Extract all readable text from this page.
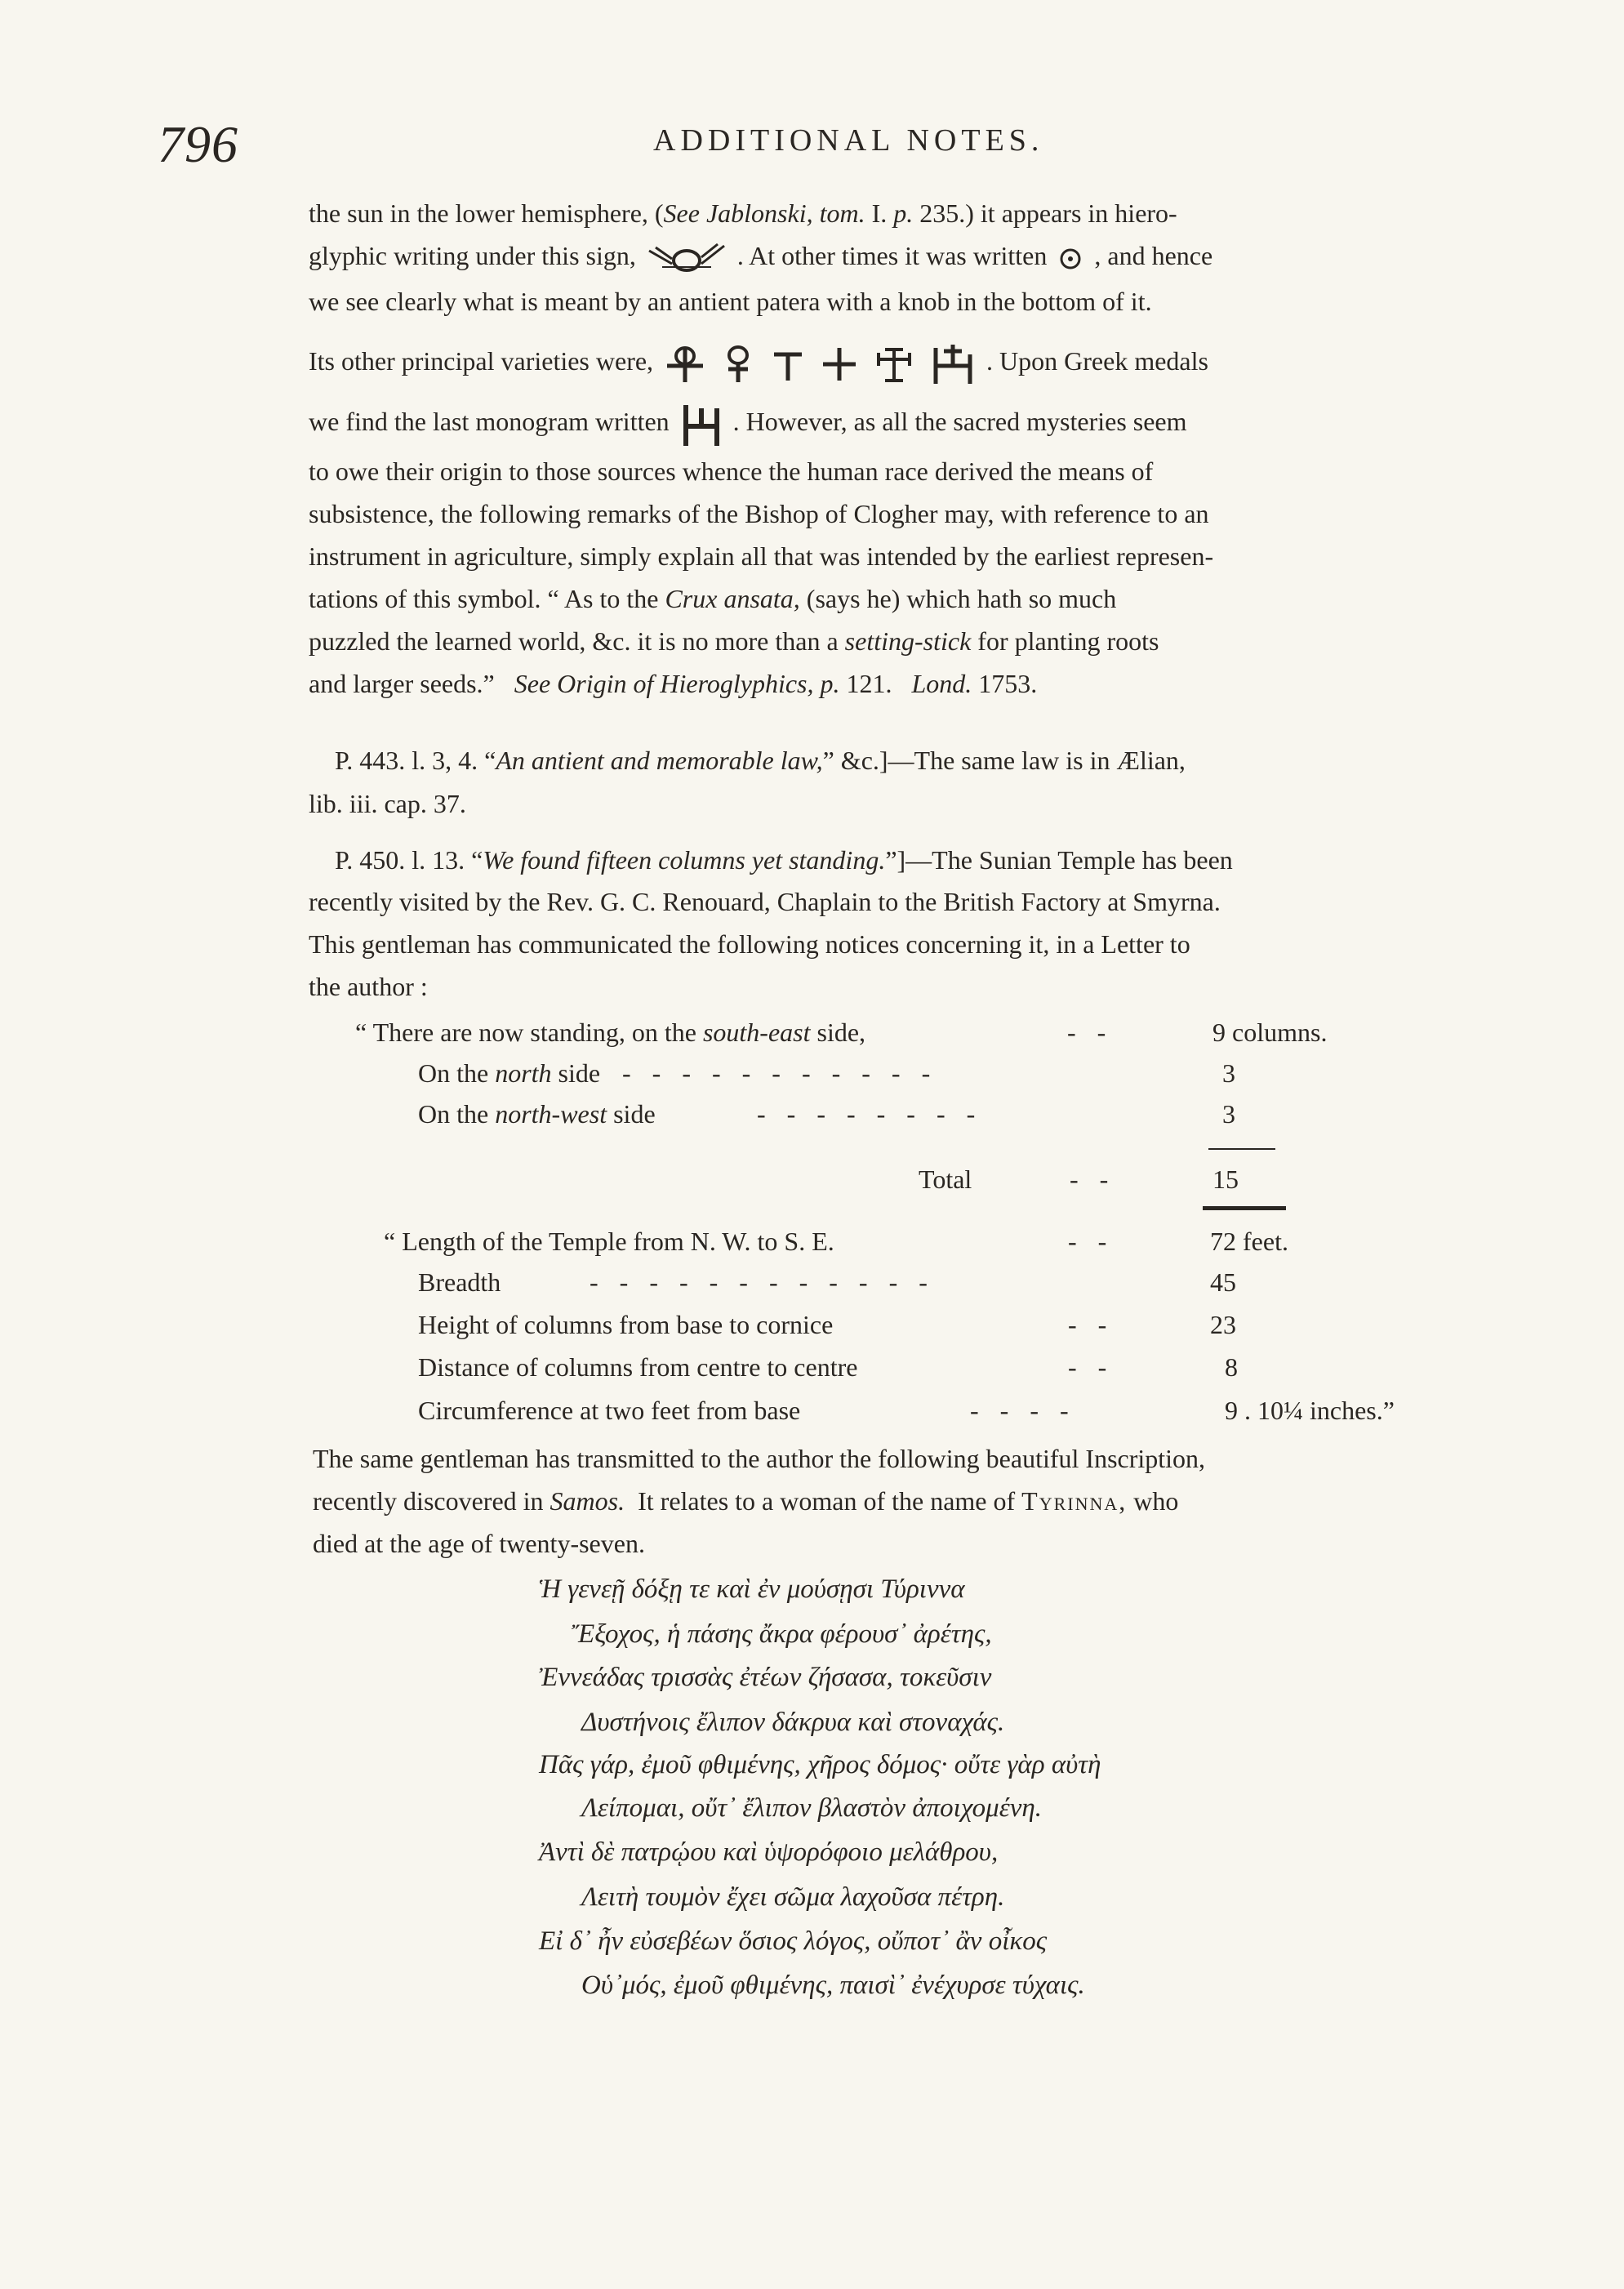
796	ADDITIONAL NOTES.
the sun in the lower hemisphere, (See Jablonski, tom. I. p. 235.) it appears in hiero-
glyphic writing under this sign,	. At other times it was written , and hence
we see clearly what is meant by an antient patera with a knob in the bottom of it.
Its other principal varieties were,

	. Upon Greek medals
we find the last monogram written . However, as all the sacred mysteries seem
to owe their origin to those sources whence the human race derived the means of
subsistence, the following remarks of the Bishop of Clogher may, with reference to an
instrument in agriculture, simply explain all that was intended by the earliest represen-
tations of this symbol. “ As to the Crux ansata, (says he) which hath so much
puzzled the learned world, &c. it is no more than a setting-stick for planting roots
and larger seeds.” See Origin of Hieroglyphics, p. 121. Lond. 1753.
P. 443. l. 3, 4. “An antient and memorable law,” &c.]—The same law is in Ælian,
lib. iii. cap. 37.
P. 450. l. 13. “We found fifteen columns yet standing.”]—The Sunian Temple has been
recently visited by the Rev. G. C. Renouard, Chaplain to the British Factory at Smyrna.
This gentleman has communicated the following notices concerning it, in a Letter to
the author :
“ There are now standing, on the south-east side,	--	9 columns.
On the north side -----------	3
On the north-west side	--------	3
Total	--	15
“ Length of the Temple from N. W. to S. E.	--	72 feet.
Breadth	------------	45
Height of columns from base to cornice	--	23
Distance of columns from centre to centre	--	8
Circumference at two feet from base	----	9 . 10¼ inches.”
The same gentleman has transmitted to the author the following beautiful Inscription,
recently discovered in Samos. It relates to a woman of the name of Tyrinna, who
died at the age of twenty-seven.
Ἡ γενεῇ δόξῃ τε καὶ ἐν μούσῃσι Τύριννα
Ἔξοχος, ἡ πάσης ἄκρα φέρουσ᾽ ἀρέτης,
Ἐννεάδας τρισσὰς ἐτέων ζήσασα, τοκεῦσιν
Δυστήνοις ἔλιπον δάκρυα καὶ στοναχάς.
Πᾶς γάρ, ἐμοῦ φθιμένης, χῆρος δόμος· οὔτε γὰρ αὐτὴ
Λείπομαι, οὔτ᾽ ἔλιπον βλαστὸν ἀποιχομένη.
Ἀντὶ δὲ πατρῴου καὶ ὑψορόφοιο μελάθρου,
Λειτὴ τουμὸν ἔχει σῶμα λαχοῦσα πέτρη.
Εἰ δ᾽ ἦν εὐσεβέων ὅσιος λόγος, οὔποτ᾽ ἂν οἶκος
Οὑ᾽μός, ἐμοῦ φθιμένης, παισὶ᾽ ἐνέχυρσε τύχαις.
